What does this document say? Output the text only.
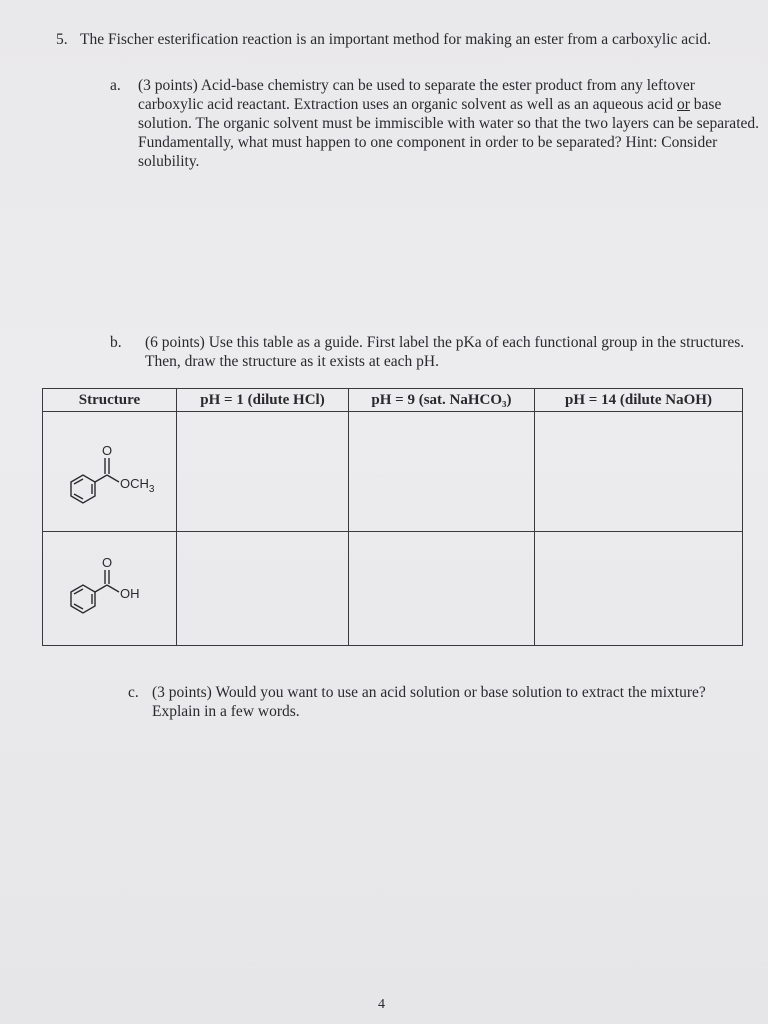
5. The Fischer esterification reaction is an important method for making an ester from a carboxylic acid.
a. (3 points) Acid-base chemistry can be used to separate the ester product from any leftover carboxylic acid reactant. Extraction uses an organic solvent as well as an aqueous acid or base solution. The organic solvent must be immiscible with water so that the two layers can be separated. Fundamentally, what must happen to one component in order to be separated? Hint: Consider solubility.
b. (6 points) Use this table as a guide. First label the pKa of each functional group in the structures. Then, draw the structure as it exists at each pH.
Structure	pH = 1 (dilute HCl)	pH = 9 (sat. NaHCO₃)	pH = 14 (dilute NaOH)

O
$OCH_3$

O
OH			

c. (3 points) Would you want to use an acid solution or base solution to extract the mixture? Explain in a few words.
4
